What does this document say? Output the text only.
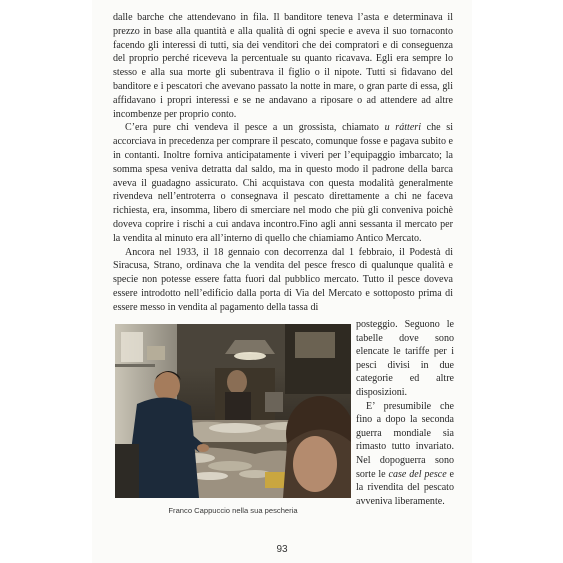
dalle barche che attendevano in fila. Il banditore teneva l’asta e determinava il prezzo in base alla quantità e alla qualità di ogni specie e aveva il suo tornaconto facendo gli interessi di tutti, sia dei venditori che dei compratori e di conseguenza del proprio perché riceveva la percentuale su quanto ricavava. Egli era sempre lo stesso e alla sua morte gli subentrava il figlio o il nipote. Tutti si fidavano del banditore e i pescatori che avevano passato la notte in mare, o gran parte di essa, gli affidavano i propri interessi e se ne andavano a riposare o ad attendere ad altre incombenze per proprio conto.

C’era pure chi vendeva il pesce a un grossista, chiamato u rátteri che si accorciava in precedenza per comprare il pescato, comunque fosse e pagava subito e in contanti. Inoltre forniva anticipatamente i viveri per l’equipaggio imbarcato; la somma spesa veniva detratta dal saldo, ma in questo modo il padrone della barca aveva il guadagno assicurato. Chi acquistava con questa modalità generalmente rivendeva nell’entroterra o consegnava il pescato direttamente a chi ne faceva richiesta, era, insomma, libero di smerciare nel modo che più gli conveniva poichè doveva coprire i rischi a cui andava incontro.Fino agli anni sessanta il mercato per la vendita al minuto era all’interno di quello che chiamiamo Antico Mercato.

Ancora nel 1933, il 18 gennaio con decorrenza dal 1 febbraio, il Podestà di Siracusa, Strano, ordinava che la vendita del pesce fresco di qualunque qualità e specie non potesse essere fatta fuori dal pubblico mercato. Tutto il pesce doveva essere introdotto nell’edificio dalla porta di Via del Mercato e sottoposto prima di essere messo in vendita al pagamento della tassa di

Franco Cappuccio nella sua pescheria

posteggio. Seguono le tabelle dove sono elencate le tariffe per i pesci divisi in due categorie ed altre disposizioni.

E’ presumibile che fino a dopo la seconda guerra mondiale sia rimasto tutto invariato. Nel dopoguerra sono sorte le case del pesce e la rivendita del pescato avveniva liberamente.

93
